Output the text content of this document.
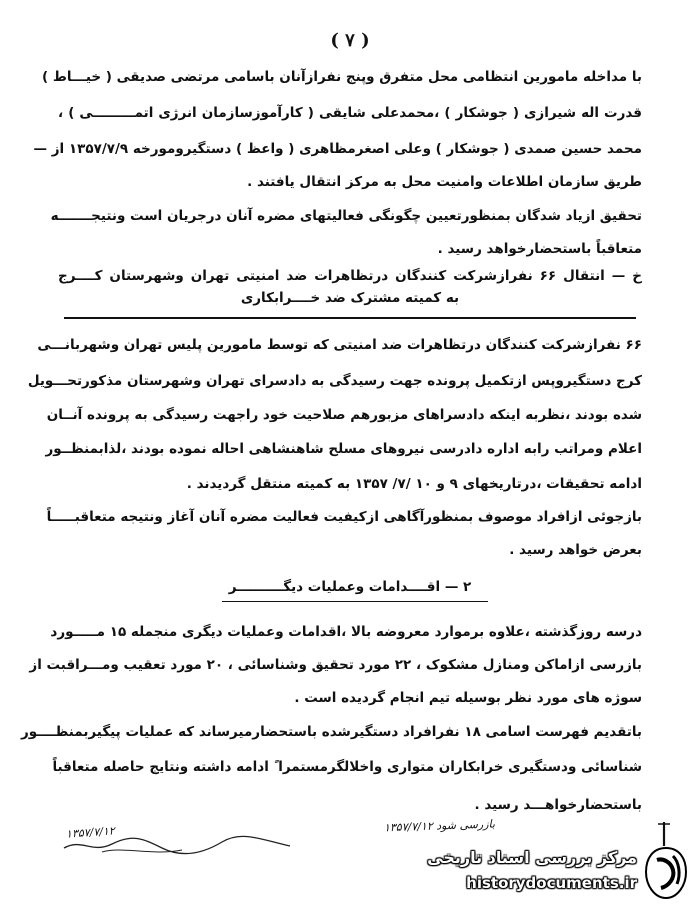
( ۷ )
با مداخله مامورین انتظامی محل متفرق وپنج نفرازآنان باسامی مرتضی صدیقی ( خیـــاط )
قدرت اله شیرازی ( جوشکار ) ،محمدعلی شایقی ( کارآموزسازمان انرژی اتمـــــــــی ) ،
محمد حسین صمدی ( جوشکار ) وعلی اصغرمظاهری ( واعظ ) دستگیرومورخه ۱۳۵۷/۷/۹ از —
طریق سازمان اطلاعات وامنیت محل به مرکز انتقال یافتند .
تحقیق ازیاد شدگان بمنظورتعیین چگونگی فعالیتهای مضره آنان درجریان است ونتیجـــــــه
متعاقباً باستحضارخواهد رسید .
خ — انتقال ۶۶ نفرازشرکت کنندگان درتظاهرات ضد امنیتی تهران وشهرستان کــــرج
به کمیته مشترک ضد خــــرابکاری
۶۶ نفرازشرکت کنندگان درتظاهرات ضد امنیتی که توسط مامورین پلیس تهران وشهربانـــی
کرج دستگیروپس ازتکمیل پرونده جهت رسیدگی به دادسرای تهران وشهرستان مذکورتحـــویل
شده بودند ،نظربه اینکه دادسراهای مزبورهم صلاحیت خود راجهت رسیدگی به پرونده آنــان
اعلام ومراتب رابه اداره دادرسی نیروهای مسلح شاهنشاهی احاله نموده بودند ،لذابمنظــور
ادامه تحقیقات ،درتاریخهای ۹ و ۱۰ /۷/ ۱۳۵۷ به کمیته منتقل گردیدند .
بازجوئی ازافراد موصوف بمنظورآگاهی ازکیفیت فعالیت مضره آنان آغاز ونتیجه متعاقبـــــاً
بعرض خواهد رسید .
۲ — اقــــدامات وعملیات دیگــــــــــر
درسه روزگذشته ،علاوه برموارد معروضه بالا ،اقدامات وعملیات دیگری منجمله ۱۵ مـــــورد
بازرسی ازاماکن ومنازل مشکوک ، ۲۲ مورد تحقیق وشناسائی ، ۲۰ مورد تعقیب ومـــراقبت از
سوژه های مورد نظر بوسیله تیم انجام گردیده است .
باتقدیم فهرست اسامی ۱۸ نفرافراد دستگیرشده باستحضارمیرساند که عملیات پیگیربمنظــــور
شناسائی ودستگیری خرابکاران متواری واخلالگرمستمرا ً ادامه داشته ونتایج حاصله متعاقباً
باستحضارخواهـــد رسید .
بازرسی شود ۱۳۵۷/۷/۱۲
۱۳۵۷/۷/۱۲
مرکز بررسی اسناد تاریخی
historydocuments.ir
